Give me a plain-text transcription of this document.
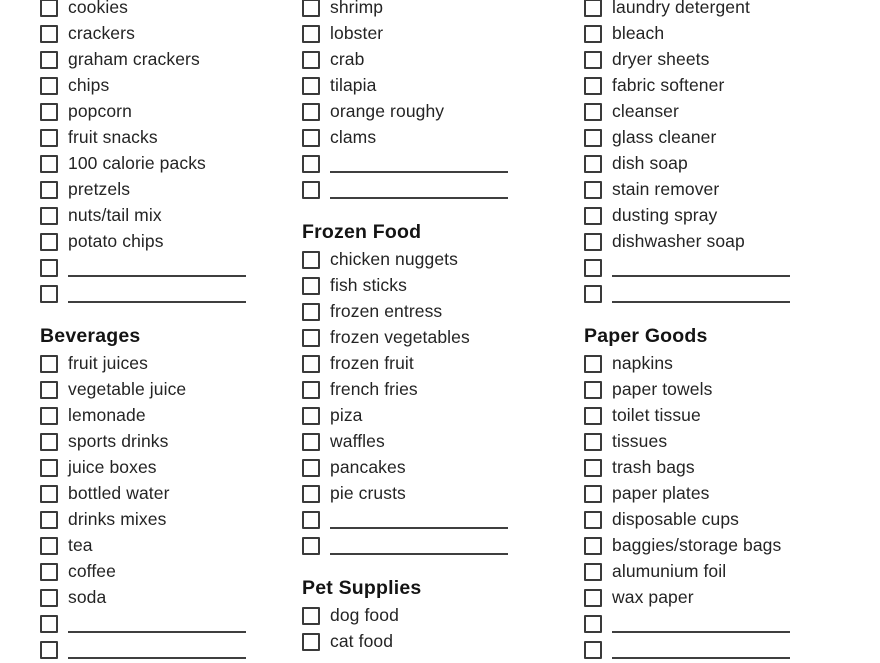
cookies
crackers
graham crackers
chips
popcorn
fruit snacks
100 calorie packs
pretzels
nuts/tail mix
potato chips
Beverages
fruit juices
vegetable juice
lemonade
sports drinks
juice boxes
bottled water
drinks mixes
tea
coffee
soda
shrimp
lobster
crab
tilapia
orange roughy
clams
Frozen Food
chicken nuggets
fish sticks
frozen entress
frozen vegetables
frozen fruit
french fries
piza
waffles
pancakes
pie crusts
Pet Supplies
dog food
cat food
laundry detergent
bleach
dryer sheets
fabric softener
cleanser
glass cleaner
dish soap
stain remover
dusting spray
dishwasher soap
Paper Goods
napkins
paper towels
toilet tissue
tissues
trash bags
paper plates
disposable cups
baggies/storage bags
alumunium foil
wax paper
